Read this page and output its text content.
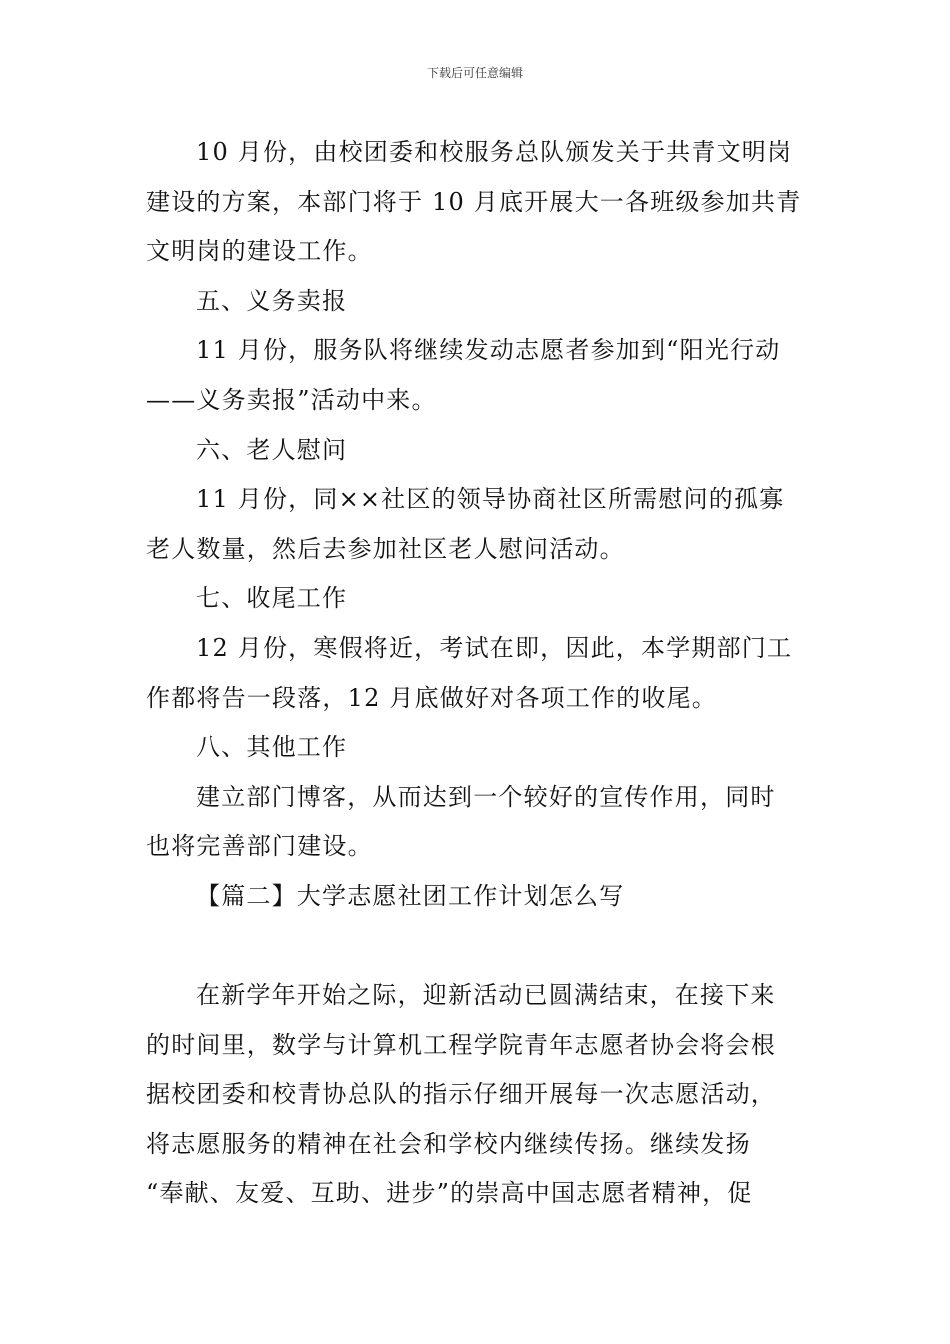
下载后可任意编辑
10 月份，由校团委和校服务总队颁发关于共青文明岗
建设的方案，本部门将于 10 月底开展大一各班级参加共青
文明岗的建设工作。
五、义务卖报
11 月份，服务队将继续发动志愿者参加到“阳光行动
——义务卖报”活动中来。
六、老人慰问
11 月份，同××社区的领导协商社区所需慰问的孤寡
老人数量，然后去参加社区老人慰问活动。
七、收尾工作
12 月份，寒假将近，考试在即，因此，本学期部门工
作都将告一段落，12 月底做好对各项工作的收尾。
八、其他工作
建立部门博客，从而达到一个较好的宣传作用，同时
也将完善部门建设。
【篇二】大学志愿社团工作计划怎么写
在新学年开始之际，迎新活动已圆满结束，在接下来
的时间里，数学与计算机工程学院青年志愿者协会将会根
据校团委和校青协总队的指示仔细开展每一次志愿活动，
将志愿服务的精神在社会和学校内继续传扬。继续发扬
“奉献、友爱、互助、进步”的崇高中国志愿者精神，促
